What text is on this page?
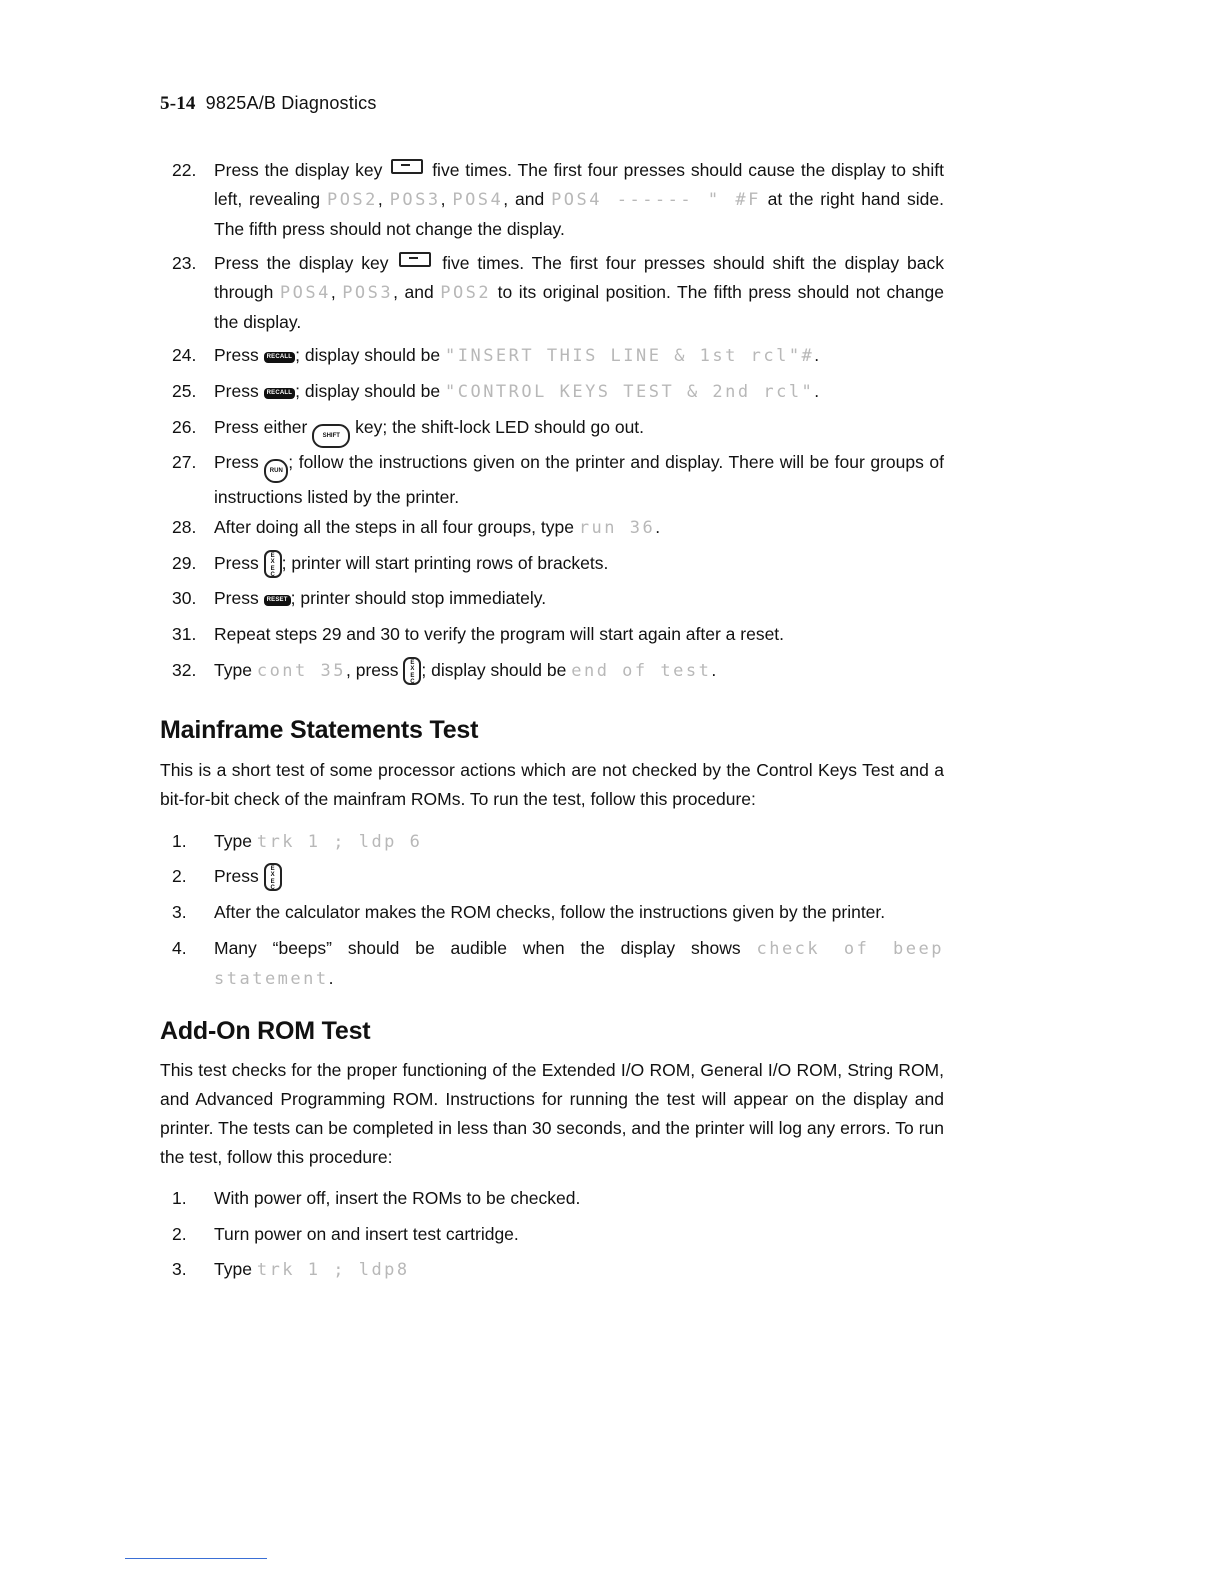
5-14 9825A/B Diagnostics
22.	Press the display key	five times. The first four presses should cause the display to shift left, revealing POS2, POS3, POS4, and POS4 ------ " #F at the right hand side. The fifth press should not change the display.
23.	Press the display key	five times. The first four presses should shift the display back through POS4, POS3, and POS2 to its original position. The fifth press should not change the display.
24.	Press RECALL ; display should be "INSERT THIS LINE & 1st rcl"#.
25.	Press RECALL ; display should be "CONTROL KEYS TEST & 2nd rcl".
26.	Press either	SHIFT key; the shift-lock LED should go out.
27.	Press RUN ; follow the instructions given on the printer and display. There will be four groups of instructions listed by the printer.
28.	After doing all the steps in all four groups, type run 36.
29.	Press E
X
E
C; printer will start printing rows of brackets.
30.	Press RESET ; printer should stop immediately.
31.	Repeat steps 29 and 30 to verify the program will start again after a reset.
32.	Type cont 35, press E
X
E
C; display should be end of test.
Mainframe Statements Test
This is a short test of some processor actions which are not checked by the Control Keys Test and a bit-for-bit check of the mainfram ROMs. To run the test, follow this procedure:
1.	Type trk 1 ; ldp 6
2.	Press E
X
E
C
3.	After the calculator makes the ROM checks, follow the instructions given by the printer.
4.	Many “beeps” should be audible when the display shows check of beep statement.
Add-On ROM Test
This test checks for the proper functioning of the Extended I/O ROM, General I/O ROM, String ROM, and Advanced Programming ROM. Instructions for running the test will appear on the display and printer. The tests can be completed in less than 30 seconds, and the printer will log any errors. To run the test, follow this procedure:
1.	With power off, insert the ROMs to be checked.
2.	Turn power on and insert test cartridge.
3.	Type trk 1 ; ldp8
